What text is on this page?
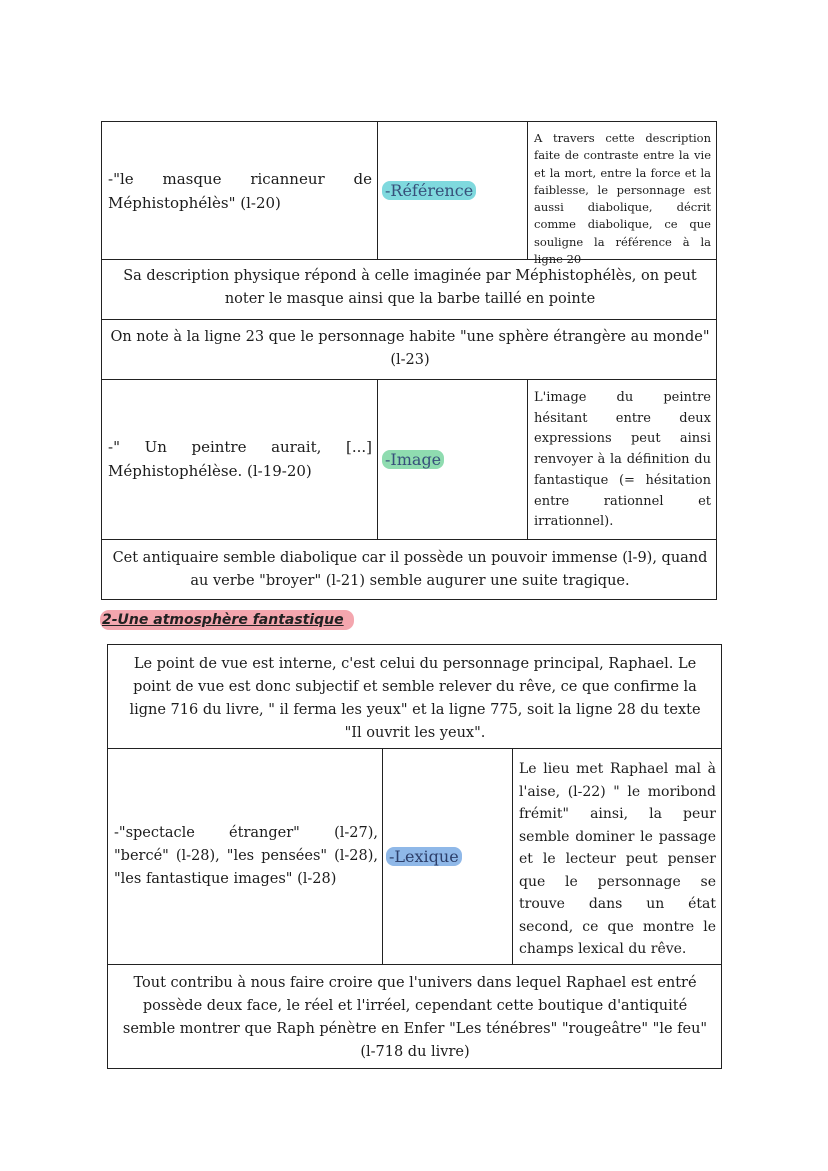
-"le masque ricanneur de Méphistophélès" (l-20)
-Référence
A travers cette description faite de contraste entre la vie et la mort, entre la force et la faiblesse, le personnage est aussi diabolique, décrit comme diabolique, ce que souligne la référence à la ligne 20
Sa description physique répond à celle imaginée par Méphistophélès, on peut noter le masque ainsi que la barbe taillé en pointe
On note à la ligne 23 que le personnage habite "une sphère étrangère au monde" (l-23)
-" Un peintre aurait, [...] Méphistophélèse. (l-19-20)
-Image
L'image du peintre hésitant entre deux expressions peut ainsi renvoyer à la définition du fantastique (= hésitation entre rationnel et irrationnel).
Cet antiquaire semble diabolique car il possède un pouvoir immense (l-9), quand au verbe "broyer" (l-21) semble augurer une suite tragique.
2-Une atmosphère fantastique
Le point de vue est interne, c'est celui du personnage principal, Raphael. Le point de vue est donc subjectif et semble relever du rêve, ce que confirme la ligne 716 du livre, " il ferma les yeux" et la ligne 775, soit la ligne 28 du texte "Il ouvrit les yeux".
-"spectacle étranger" (l-27), "bercé" (l-28), "les pensées" (l-28), "les fantastique images" (l-28)
-Lexique
Le lieu met Raphael mal à l'aise, (l-22) " le moribond frémit" ainsi, la peur semble dominer le passage et le lecteur peut penser que le personnage se trouve dans un état second, ce que montre le champs lexical du rêve.
Tout contribu à nous faire croire que l'univers dans lequel Raphael est entré possède deux face, le réel et l'irréel, cependant cette boutique d'antiquité semble montrer que Raph pénètre en Enfer "Les ténébres" "rougeâtre" "le feu" (l-718 du livre)
